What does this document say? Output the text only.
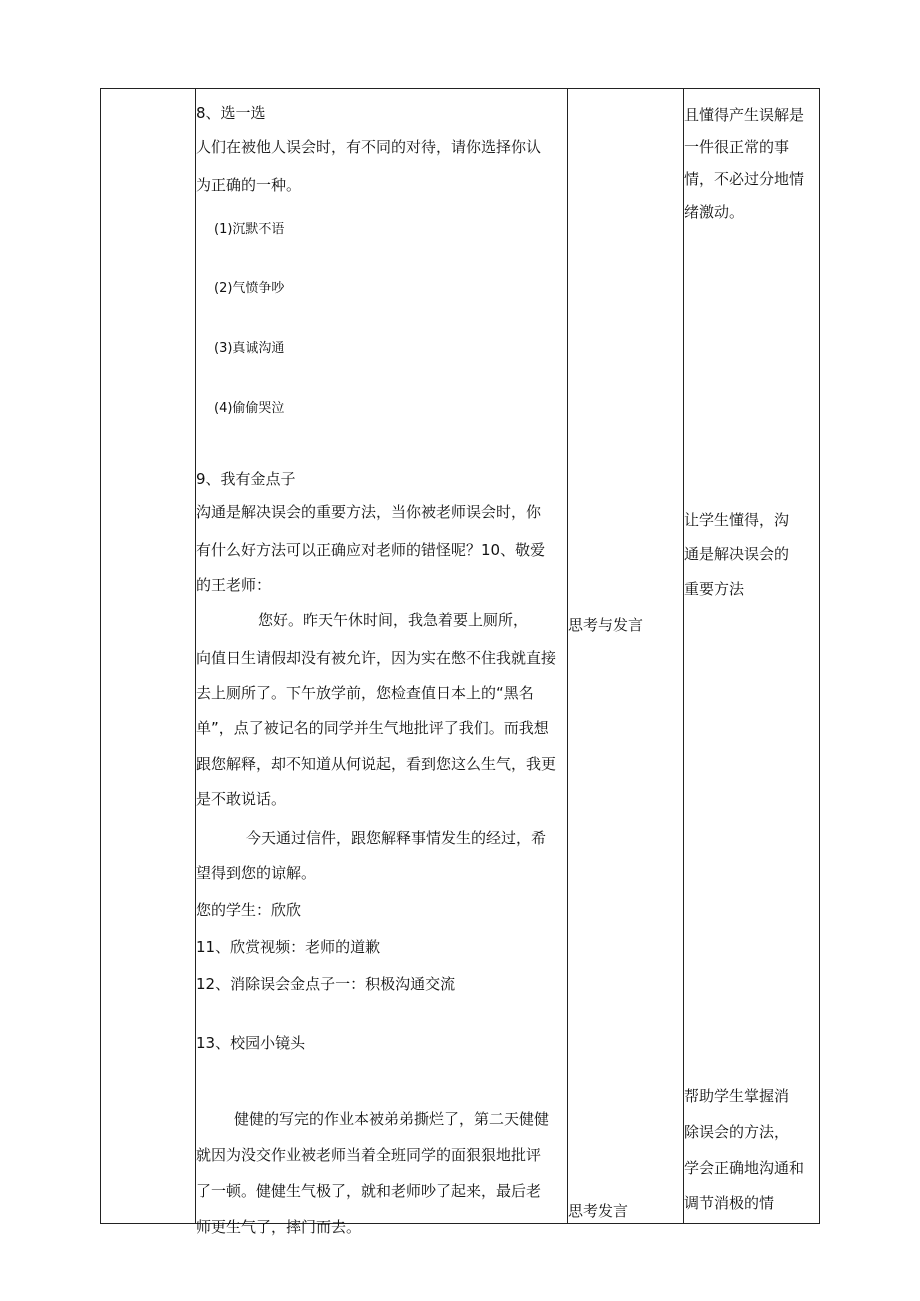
8、选一选
人们在被他人误会时，有不同的对待，请你选择你认
为正确的一种。
(1)沉默不语
(2)气愤争吵
(3)真诚沟通
(4)偷偷哭泣
9、我有金点子
沟通是解决误会的重要方法，当你被老师误会时，你
有什么好方法可以正确应对老师的错怪呢？10、敬爱
的王老师：
您好。昨天午休时间，我急着要上厕所，
向值日生请假却没有被允许，因为实在憋不住我就直接
去上厕所了。下午放学前，您检查值日本上的“黑名
单”，点了被记名的同学并生气地批评了我们。而我想
跟您解释，却不知道从何说起，看到您这么生气，我更
是不敢说话。
今天通过信件，跟您解释事情发生的经过，希
望得到您的谅解。
您的学生：欣欣
11、欣赏视频：老师的道歉
12、消除误会金点子一：积极沟通交流
13、校园小镜头
健健的写完的作业本被弟弟撕烂了，第二天健健
就因为没交作业被老师当着全班同学的面狠狠地批评
了一顿。健健生气极了，就和老师吵了起来，最后老
师更生气了，摔门而去。
思考与发言
思考发言
且懂得产生误解是
一件很正常的事
情，不必过分地情
绪激动。
让学生懂得，沟
通是解决误会的
重要方法
帮助学生掌握消
除误会的方法，
学会正确地沟通和
调节消极的情
